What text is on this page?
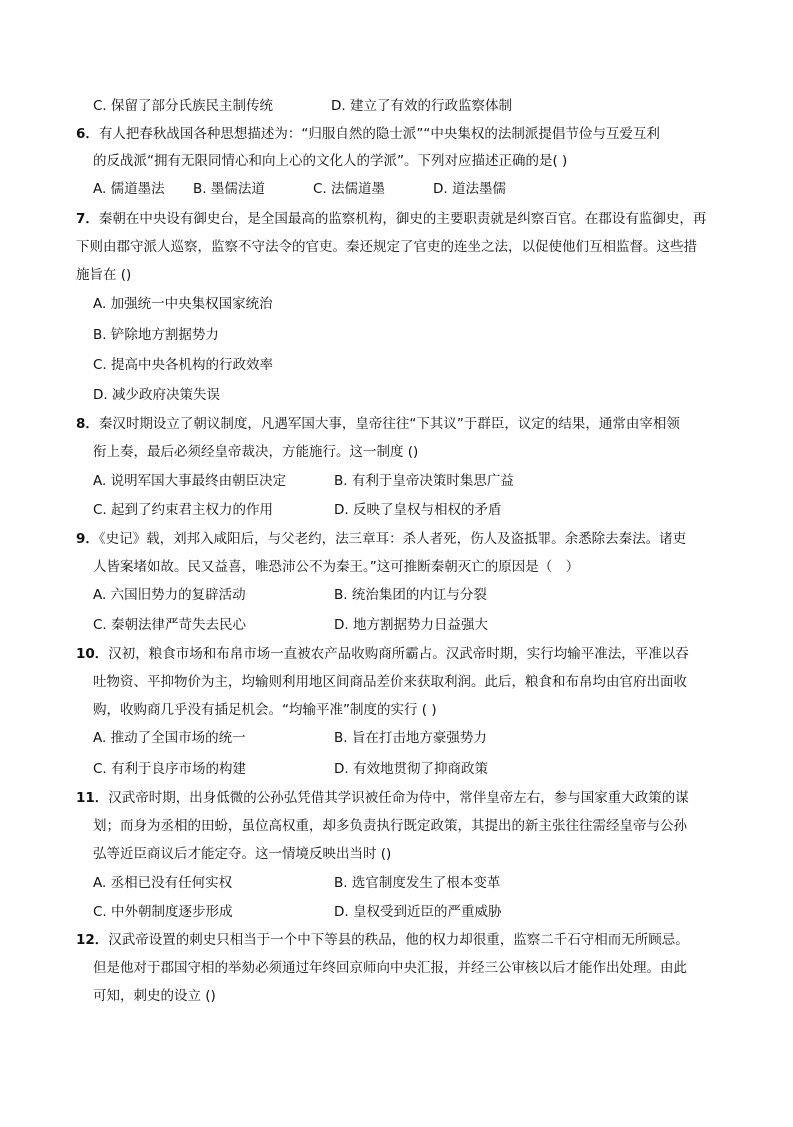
C. 保留了部分氏族民主制传统	D. 建立了有效的行政监察体制
6．有人把春秋战国各种思想描述为：“归服自然的隐士派”“中央集权的法制派提倡节俭与互爱互利
的反战派“拥有无限同情心和向上心的文化人的学派”。下列对应描述正确的是( )
A. 儒道墨法 B. 墨儒法道	C. 法儒道墨	D. 道法墨儒
7．秦朝在中央设有御史台，是全国最高的监察机构，御史的主要职责就是纠察百官。在郡设有监御史，再
下则由郡守派人巡察，监察不守法令的官吏。秦还规定了官吏的连坐之法，以促使他们互相监督。这些措
施旨在 ()
A. 加强统一中央集权国家统治
B. 铲除地方割据势力
C. 提高中央各机构的行政效率
D. 减少政府决策失误
8．秦汉时期设立了朝议制度，凡遇军国大事，皇帝往往“下其议”于群臣，议定的结果，通常由宰相领
衔上奏，最后必须经皇帝裁决，方能施行。这一制度 ()
A. 说明军国大事最终由朝臣决定	B. 有利于皇帝决策时集思广益
C. 起到了约束君主权力的作用	D. 反映了皇权与相权的矛盾
9．《史记》载，刘邦入咸阳后，与父老约，法三章耳：杀人者死，伤人及盗抵罪。余悉除去秦法。诸吏
人皆案堵如故。民又益喜，唯恐沛公不为秦王。”这可推断秦朝灭亡的原因是（　）
A. 六国旧势力的复辟活动	B. 统治集团的内讧与分裂
C. 秦朝法律严苛失去民心	D. 地方割据势力日益强大
10．汉初，粮食市场和布帛市场一直被农产品收购商所霸占。汉武帝时期，实行均输平准法，平准以吞
吐物资、平抑物价为主，均输则利用地区间商品差价来获取利润。此后，粮食和布帛均由官府出面收
购，收购商几乎没有插足机会。“均输平准”制度的实行 ( )
A. 推动了全国市场的统一	B. 旨在打击地方豪强势力
C. 有利于良序市场的构建	D. 有效地贯彻了抑商政策
11．汉武帝时期，出身低微的公孙弘凭借其学识被任命为侍中，常伴皇帝左右，参与国家重大政策的谋
划；而身为丞相的田蚡，虽位高权重，却多负责执行既定政策，其提出的新主张往往需经皇帝与公孙
弘等近臣商议后才能定夺。这一情境反映出当时 ()
A. 丞相已没有任何实权	B. 选官制度发生了根本变革
C. 中外朝制度逐步形成	D. 皇权受到近臣的严重威胁
12．汉武帝设置的刺史只相当于一个中下等县的秩品，他的权力却很重，监察二千石守相而无所顾忌。
但是他对于郡国守相的举劾必须通过年终回京师向中央汇报，并经三公审核以后才能作出处理。由此
可知，刺史的设立 ()
